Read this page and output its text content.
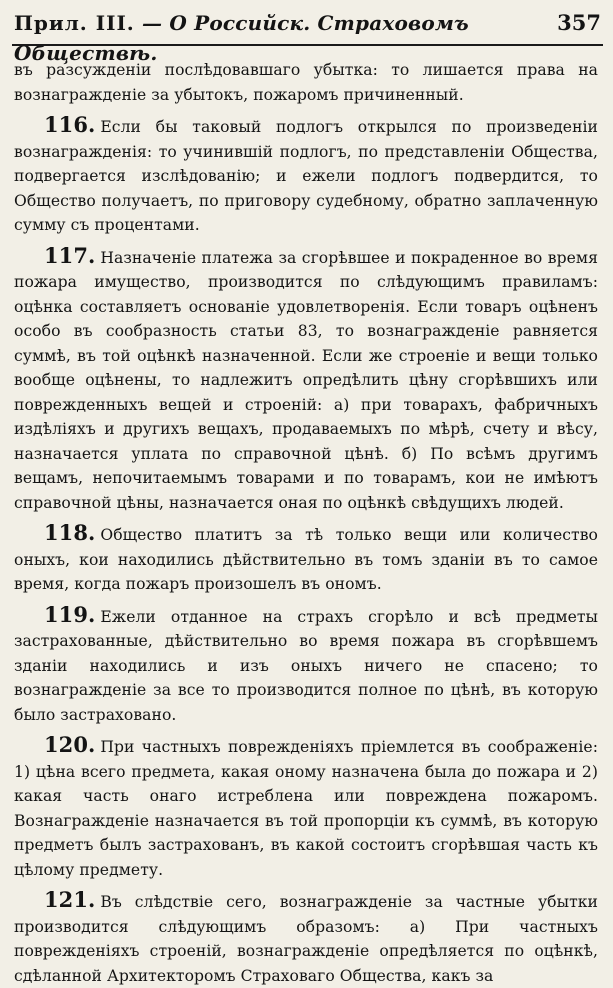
Прил. III. — О Российск. Страховомъ Обществѣ.
357

въ разсужденіи послѣдовавшаго убытка: то лишается права на вознагражденіе за убытокъ, пожаромъ причиненный.

116. Если бы таковый подлогъ открылся по произведеніи вознагражденія: то учинившій подлогъ, по представленіи Общества, подвергается изслѣдованію; и ежели подлогъ подвердится, то Общество получаетъ, по приговору судебному, обратно заплаченную сумму съ процентами.

117. Назначеніе платежа за сгорѣвшее и покраденное во время пожара имущество, производится по слѣдующимъ правиламъ: оцѣнка составляетъ основаніе удовлетворенія. Если товаръ оцѣненъ особо въ сообразность статьи 83, то вознагражденіе равняется суммѣ, въ той оцѣнкѣ назначенной. Если же строеніе и вещи только вообще оцѣнены, то надлежитъ опредѣлить цѣну сгорѣвшихъ или поврежденныхъ вещей и строеній: а) при товарахъ, фабричныхъ издѣліяхъ и другихъ вещахъ, продаваемыхъ по мѣрѣ, счету и вѣсу, назначается уплата по справочной цѣнѣ. б) По всѣмъ другимъ вещамъ, непочитаемымъ товарами и по товарамъ, кои не имѣютъ справочной цѣны, назначается оная по оцѣнкѣ свѣдущихъ людей.

118. Общество платитъ за тѣ только вещи или количество оныхъ, кои находились дѣйствительно въ томъ зданіи въ то самое время, когда пожаръ произошелъ въ ономъ.

119. Ежели отданное на страхъ сгорѣло и всѣ предметы застрахованные, дѣйствительно во время пожара въ сгорѣвшемъ зданіи находились и изъ оныхъ ничего не спасено; то вознагражденіе за все то производится полное по цѣнѣ, въ которую было застраховано.

120. При частныхъ поврежденіяхъ пріемлется въ соображеніе: 1) цѣна всего предмета, какая оному назначена была до пожара и 2) какая часть онаго истреблена или повреждена пожаромъ. Вознагражденіе назначается въ той пропорціи къ суммѣ, въ которую предметъ былъ застрахованъ, въ какой состоитъ сгорѣвшая часть къ цѣлому предмету.

121. Въ слѣдствіе сего, вознагражденіе за частные убытки производится слѣдующимъ образомъ: а) При частныхъ поврежденіяхъ строеній, вознагражденіе опредѣляется по оцѣнкѣ, сдѣланной Архитекторомъ Страховаго Общества, какъ за
